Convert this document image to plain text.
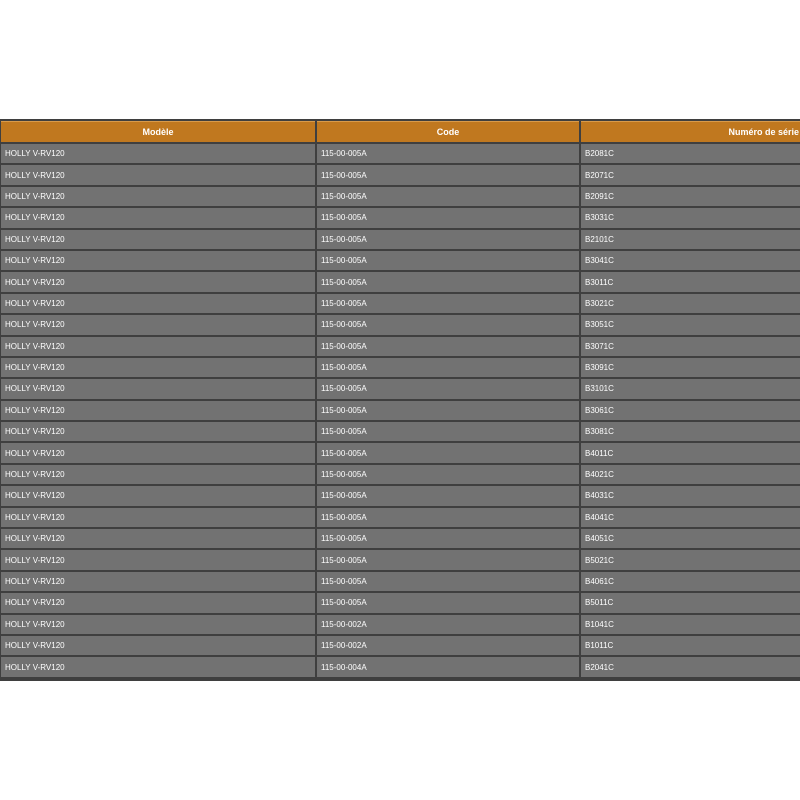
Modèle	Code	Numéro de série
HOLLY V-RV120	115-00-005A	B2081C
HOLLY V-RV120	115-00-005A	B2071C
HOLLY V-RV120	115-00-005A	B2091C
HOLLY V-RV120	115-00-005A	B3031C
HOLLY V-RV120	115-00-005A	B2101C
HOLLY V-RV120	115-00-005A	B3041C
HOLLY V-RV120	115-00-005A	B3011C
HOLLY V-RV120	115-00-005A	B3021C
HOLLY V-RV120	115-00-005A	B3051C
HOLLY V-RV120	115-00-005A	B3071C
HOLLY V-RV120	115-00-005A	B3091C
HOLLY V-RV120	115-00-005A	B3101C
HOLLY V-RV120	115-00-005A	B3061C
HOLLY V-RV120	115-00-005A	B3081C
HOLLY V-RV120	115-00-005A	B4011C
HOLLY V-RV120	115-00-005A	B4021C
HOLLY V-RV120	115-00-005A	B4031C
HOLLY V-RV120	115-00-005A	B4041C
HOLLY V-RV120	115-00-005A	B4051C
HOLLY V-RV120	115-00-005A	B5021C
HOLLY V-RV120	115-00-005A	B4061C
HOLLY V-RV120	115-00-005A	B5011C
HOLLY V-RV120	115-00-002A	B1041C
HOLLY V-RV120	115-00-002A	B1011C
HOLLY V-RV120	115-00-004A	B2041C
